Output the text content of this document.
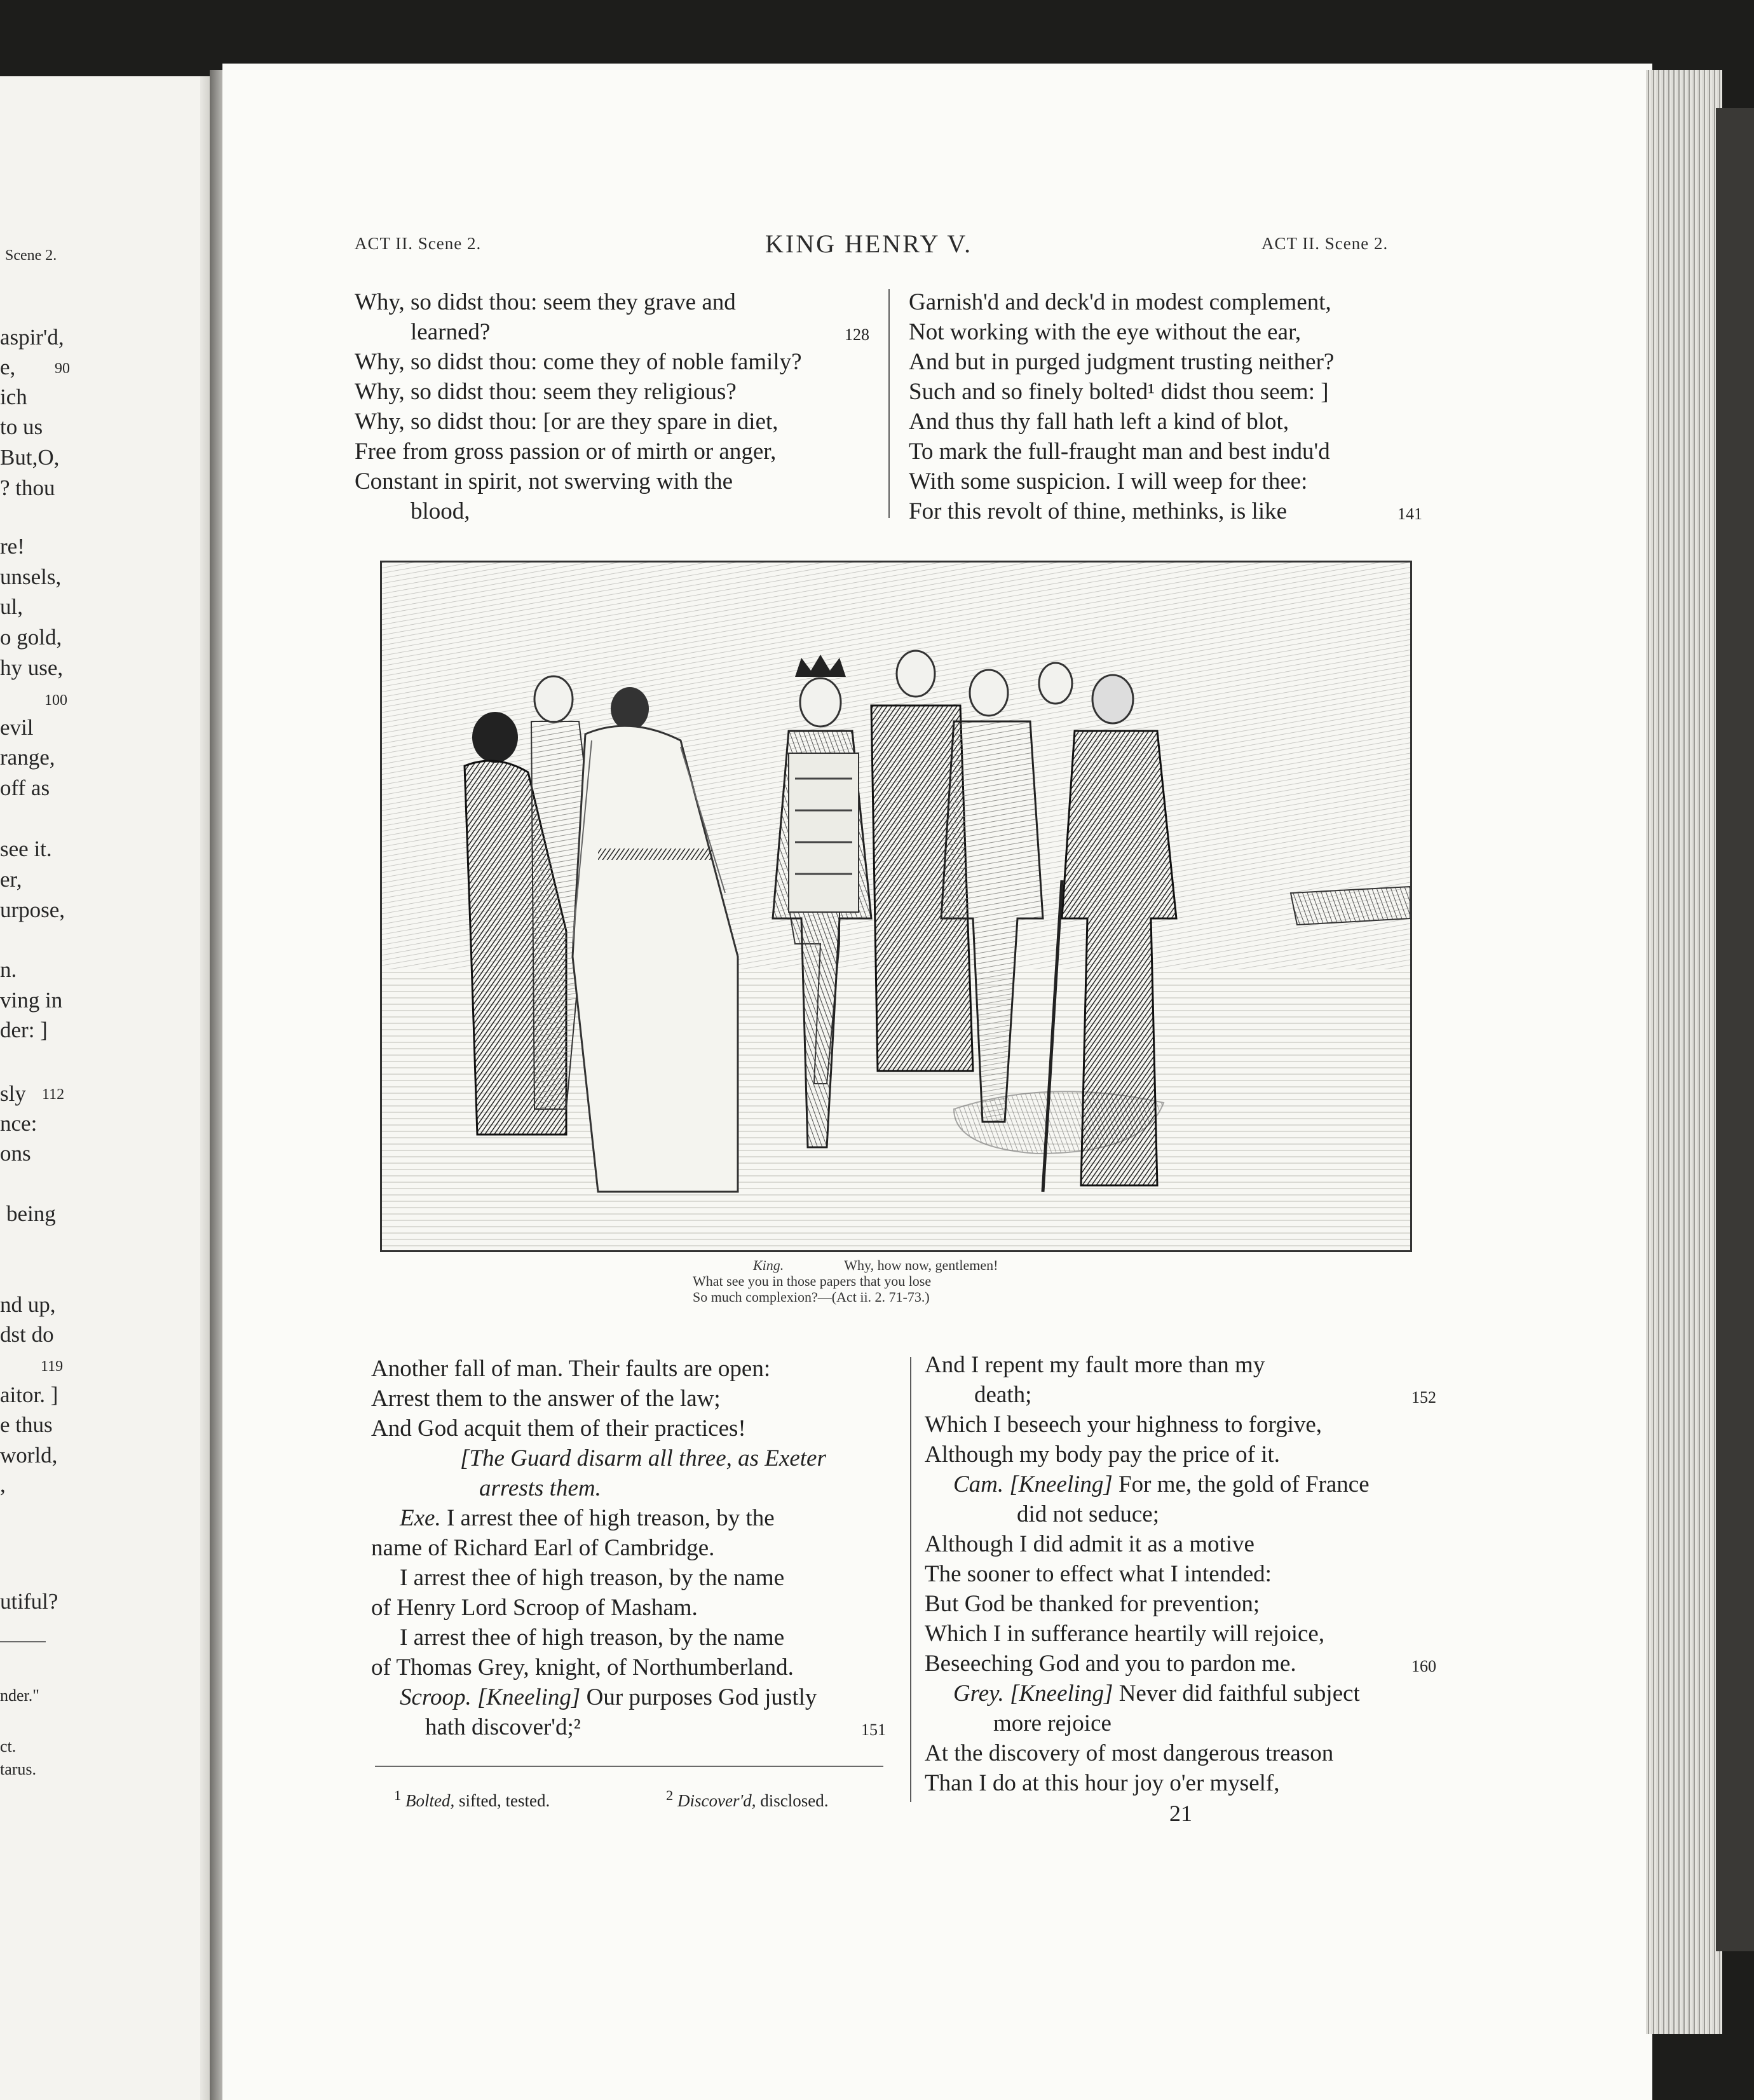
Scene 2.
aspir'd,
e,	90
ich
to us
But,O,
? thou
re!
unsels,
ul,
o gold,
hy use,
100
evil
range,
off as
see it.
er,
urpose,
n.
ving in
der: ]
sly 112
nce:
ons
being
nd up,
dst do
119
aitor. ]
e thus
world,
,
utiful?
nder."
ct.
tarus.
ACT II. Scene 2.	KING HENRY V.	ACT II. Scene 2.
Why, so didst thou: seem they grave and
learned?	128
Why, so didst thou: come they of noble family?
Why, so didst thou: seem they religious?
Why, so didst thou: [or are they spare in diet,
Free from gross passion or of mirth or anger,
Constant in spirit, not swerving with the
blood,
Garnish'd and deck'd in modest complement,
Not working with the eye without the ear,
And but in purged judgment trusting neither?
Such and so finely bolted¹ didst thou seem: ]
And thus thy fall hath left a kind of blot,
To mark the full-fraught man and best indu'd
With some suspicion. I will weep for thee:
For this revolt of thine, methinks, is like	141
King.	Why, how now, gentlemen!
What see you in those papers that you lose
So much complexion?—(Act ii. 2. 71-73.)
Another fall of man. Their faults are open:
Arrest them to the answer of the law;
And God acquit them of their practices!
[The Guard disarm all three, as Exeter
arrests them.
Exe. I arrest thee of high treason, by the
name of Richard Earl of Cambridge.
I arrest thee of high treason, by the name
of Henry Lord Scroop of Masham.
I arrest thee of high treason, by the name
of Thomas Grey, knight, of Northumberland.
Scroop. [Kneeling] Our purposes God justly
hath discover'd;²	151
And I repent my fault more than my
death;	152
Which I beseech your highness to forgive,
Although my body pay the price of it.
Cam. [Kneeling] For me, the gold of France
did not seduce;
Although I did admit it as a motive
The sooner to effect what I intended:
But God be thanked for prevention;
Which I in sufferance heartily will rejoice,
Beseeching God and you to pardon me.	160
Grey. [Kneeling] Never did faithful subject
more rejoice
At the discovery of most dangerous treason
Than I do at this hour joy o'er myself,
$^1$ Bolted, sifted, tested.	$^2$ Discover'd, disclosed.	21
